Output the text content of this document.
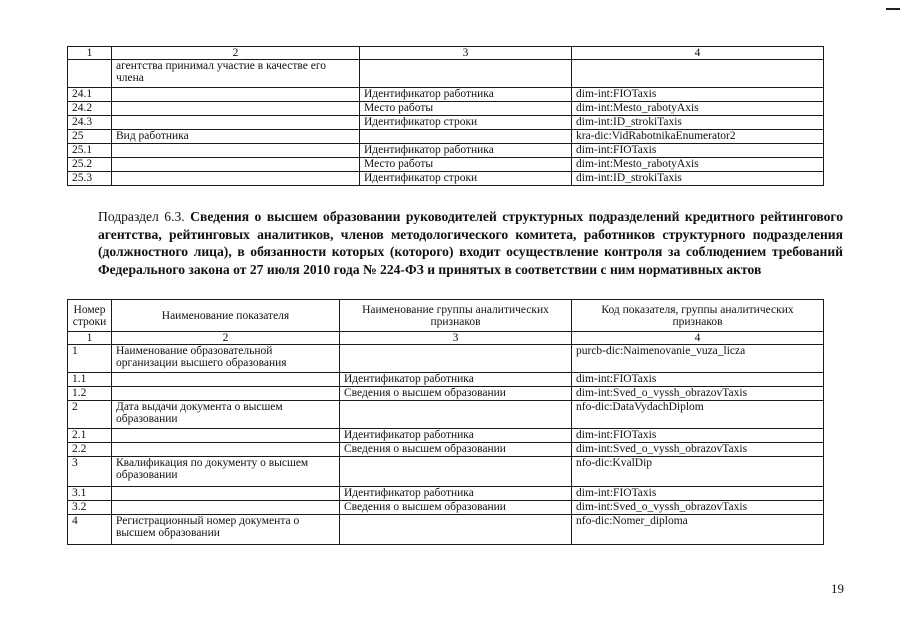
1	2	3	4
	агентства принимал участие в качестве его члена		
24.1		Идентификатор работника	dim-int:FIOTaxis
24.2		Место работы	dim-int:Mesto_rabotyAxis
24.3		Идентификатор строки	dim-int:ID_strokiTaxis
25	Вид работника		kra-dic:VidRabotnikaEnumerator2
25.1		Идентификатор работника	dim-int:FIOTaxis
25.2		Место работы	dim-int:Mesto_rabotyAxis
25.3		Идентификатор строки	dim-int:ID_strokiTaxis
Подраздел 6.3. Сведения о высшем образовании руководителей структурных подразделений кредитного рейтингового агентства, рейтинговых аналитиков, членов методологического комитета, работников структурного подразделения (должностного лица), в обязанности которых (которого) входит осуществление контроля за соблюдением требований Федерального закона от 27 июля 2010 года № 224-ФЗ и принятых в соответствии с ним нормативных актов
Номер строки	Наименование показателя	Наименование группы аналитических признаков	Код показателя, группы аналитических признаков
1	2	3	4
1	Наименование образовательной организации высшего образования		purcb-dic:Naimenovanie_vuza_licza
1.1		Идентификатор работника	dim-int:FIOTaxis
1.2		Сведения о высшем образовании	dim-int:Sved_o_vyssh_obrazovTaxis
2	Дата выдачи документа о высшем образовании		nfo-dic:DataVydachDiplom
2.1		Идентификатор работника	dim-int:FIOTaxis
2.2		Сведения о высшем образовании	dim-int:Sved_o_vyssh_obrazovTaxis
3	Квалификация по документу о высшем образовании		nfo-dic:KvalDip
3.1		Идентификатор работника	dim-int:FIOTaxis
3.2		Сведения о высшем образовании	dim-int:Sved_o_vyssh_obrazovTaxis
4	Регистрационный номер документа о высшем образовании		nfo-dic:Nomer_diploma
19
